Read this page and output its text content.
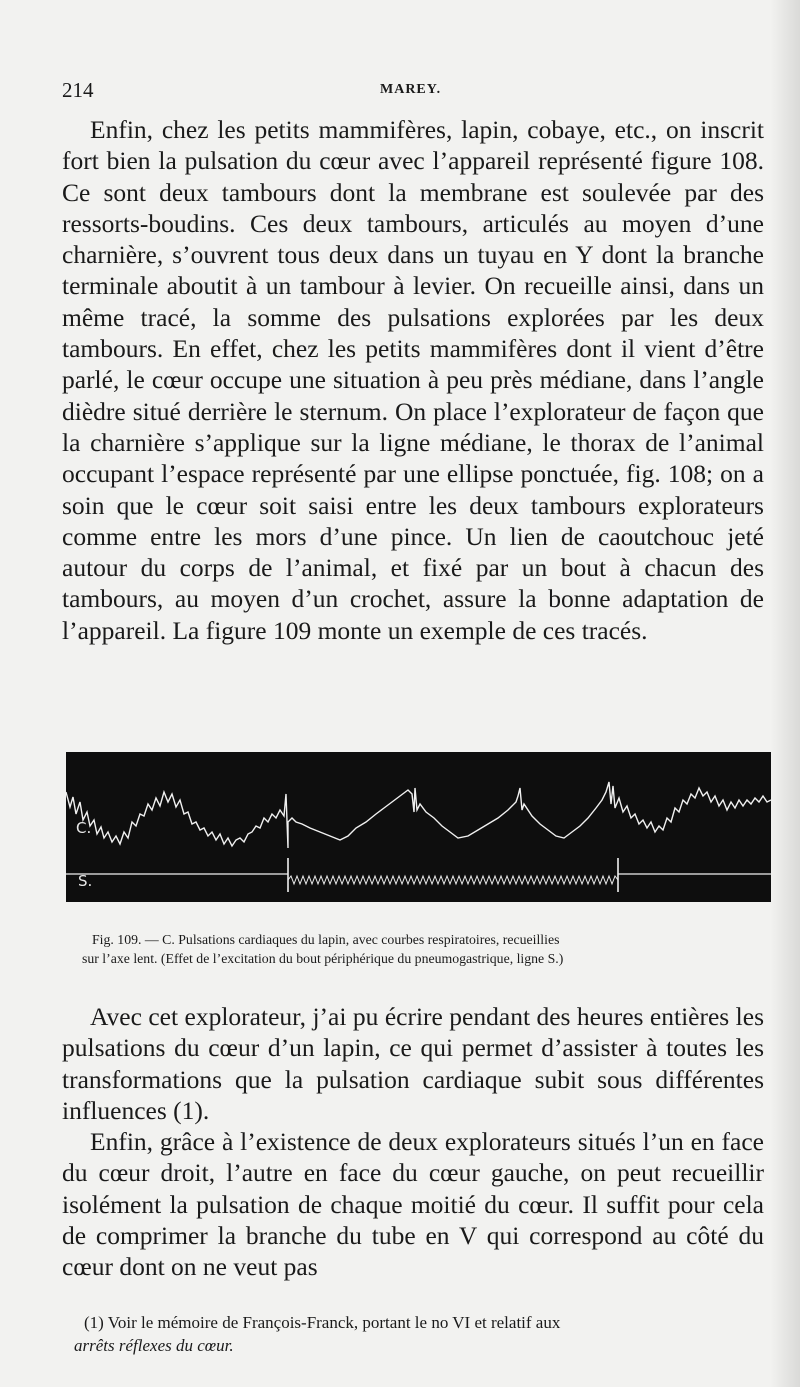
214	MAREY.

Enfin, chez les petits mammifères, lapin, cobaye, etc., on inscrit fort bien la pulsation du cœur avec l’appareil représenté figure 108. Ce sont deux tambours dont la membrane est soulevée par des ressorts-boudins. Ces deux tambours, articulés au moyen d’une charnière, s’ouvrent tous deux dans un tuyau en Y dont la branche terminale aboutit à un tambour à levier. On recueille ainsi, dans un même tracé, la somme des pulsations explorées par les deux tambours. En effet, chez les petits mammifères dont il vient d’être parlé, le cœur occupe une situation à peu près médiane, dans l’angle dièdre situé derrière le sternum. On place l’explorateur de façon que la charnière s’applique sur la ligne médiane, le thorax de l’animal occupant l’espace représenté par une ellipse ponctuée, fig. 108; on a soin que le cœur soit saisi entre les deux tambours explorateurs comme entre les mors d’une pince. Un lien de caoutchouc jeté autour du corps de l’animal, et fixé par un bout à chacun des tambours, au moyen d’un crochet, assure la bonne adaptation de l’appareil. La figure 109 monte un exemple de ces tracés.

C.
S.

Fig. 109. — C. Pulsations cardiaques du lapin, avec courbes respiratoires, recueillies
sur l’axe lent. (Effet de l’excitation du bout périphérique du pneumogastrique, ligne S.)

Avec cet explorateur, j’ai pu écrire pendant des heures entières les pulsations du cœur d’un lapin, ce qui permet d’assister à toutes les transformations que la pulsation cardiaque subit sous différentes influences (1).

Enfin, grâce à l’existence de deux explorateurs situés l’un en face du cœur droit, l’autre en face du cœur gauche, on peut recueillir isolément la pulsation de chaque moitié du cœur. Il suffit pour cela de comprimer la branche du tube en V qui correspond au côté du cœur dont on ne veut pas

(1) Voir le mémoire de François-Franck, portant le no VI et relatif aux
arrêts réflexes du cœur.
